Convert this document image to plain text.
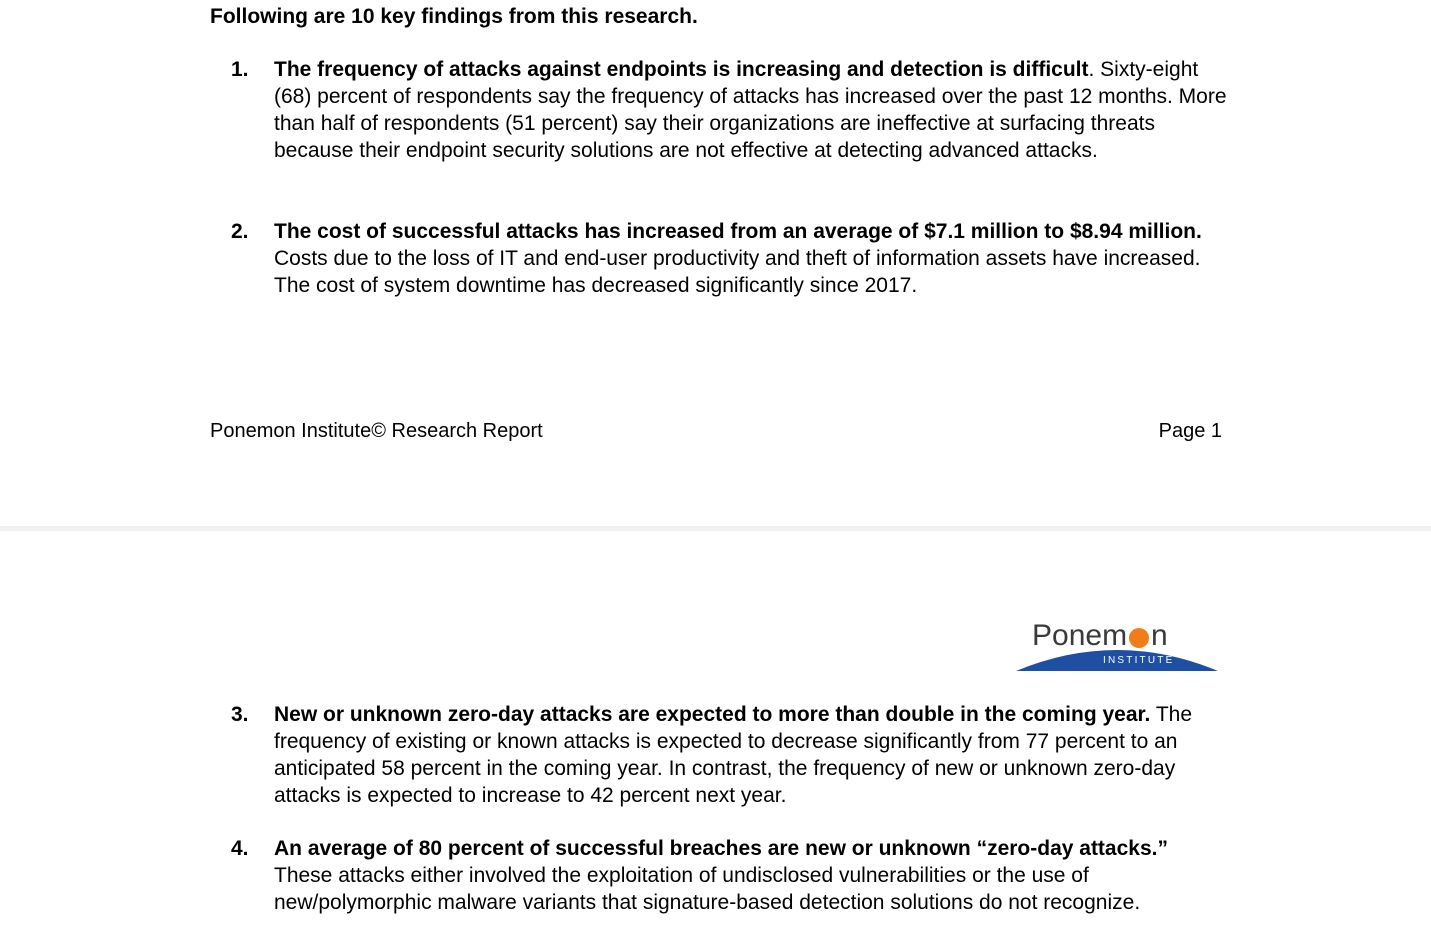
Following are 10 key findings from this research.
1. The frequency of attacks against endpoints is increasing and detection is difficult. Sixty-eight (68) percent of respondents say the frequency of attacks has increased over the past 12 months. More than half of respondents (51 percent) say their organizations are ineffective at surfacing threats because their endpoint security solutions are not effective at detecting advanced attacks.
2. The cost of successful attacks has increased from an average of $7.1 million to $8.94 million. Costs due to the loss of IT and end-user productivity and theft of information assets have increased. The cost of system downtime has decreased significantly since 2017.
Ponemon Institute© Research Report	Page 1
Ponem n
INSTITUTE
3. New or unknown zero-day attacks are expected to more than double in the coming year. The frequency of existing or known attacks is expected to decrease significantly from 77 percent to an anticipated 58 percent in the coming year. In contrast, the frequency of new or unknown zero-day attacks is expected to increase to 42 percent next year.
4. An average of 80 percent of successful breaches are new or unknown “zero-day attacks.” These attacks either involved the exploitation of undisclosed vulnerabilities or the use of new/polymorphic malware variants that signature-based detection solutions do not recognize.
